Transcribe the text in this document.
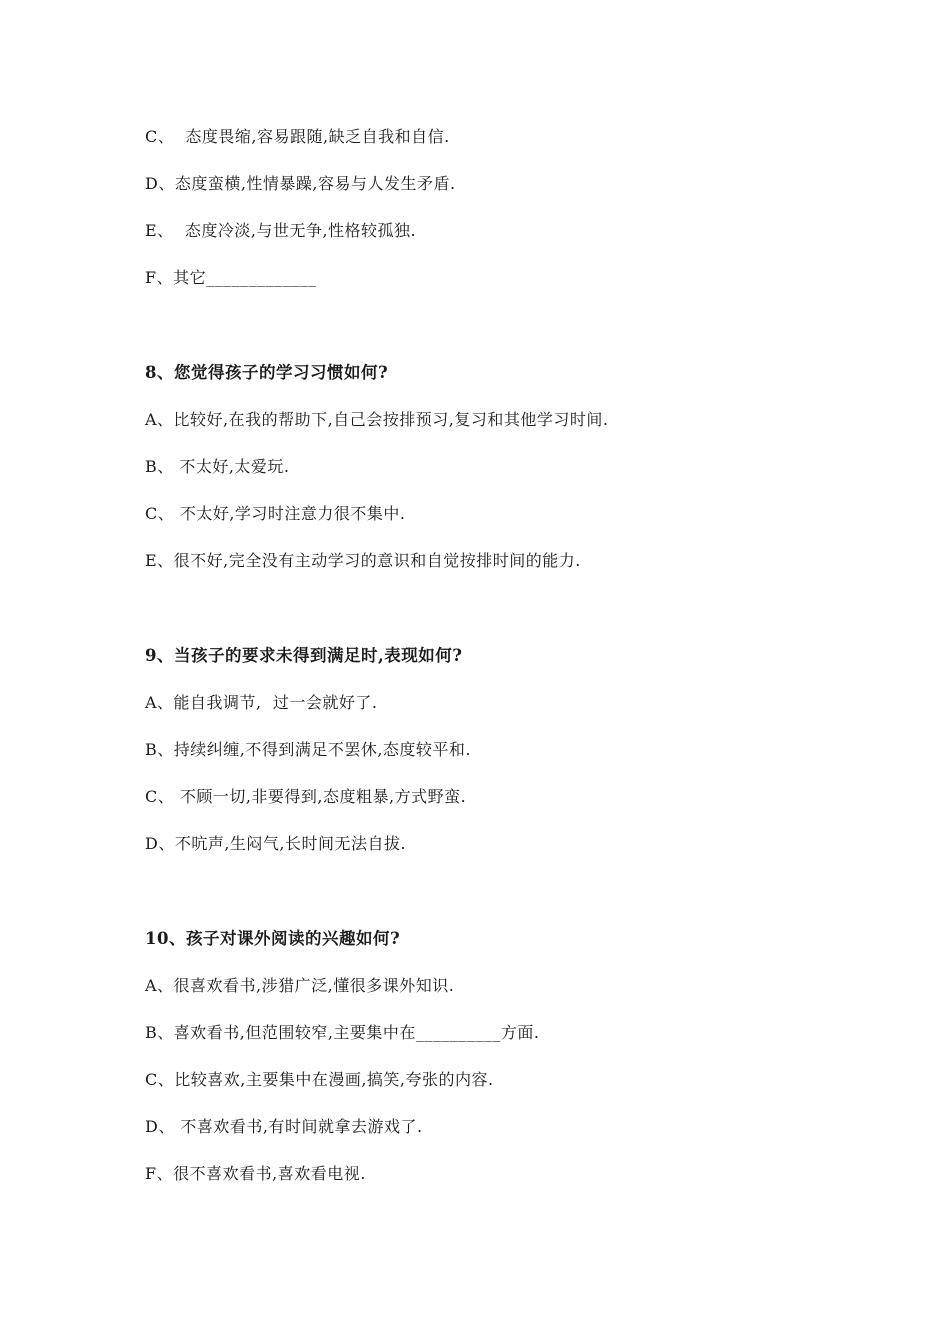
C、  态度畏缩,容易跟随,缺乏自我和自信.
D、态度蛮横,性情暴躁,容易与人发生矛盾.
E、  态度冷淡,与世无争,性格较孤独.
F、其它_____________
8、您觉得孩子的学习习惯如何?
A、比较好,在我的帮助下,自己会按排预习,复习和其他学习时间.
B、 不太好,太爱玩.
C、 不太好,学习时注意力很不集中.
E、很不好,完全没有主动学习的意识和自觉按排时间的能力.
9、当孩子的要求未得到满足时,表现如何?
A、能自我调节,  过一会就好了.
B、持续纠缠,不得到满足不罢休,态度较平和.
C、 不顾一切,非要得到,态度粗暴,方式野蛮.
D、不吭声,生闷气,长时间无法自拔.
10、孩子对课外阅读的兴趣如何?
A、很喜欢看书,涉猎广泛,懂很多课外知识.
B、喜欢看书,但范围较窄,主要集中在__________方面.
C、比较喜欢,主要集中在漫画,搞笑,夸张的内容.
D、 不喜欢看书,有时间就拿去游戏了.
F、很不喜欢看书,喜欢看电视.
